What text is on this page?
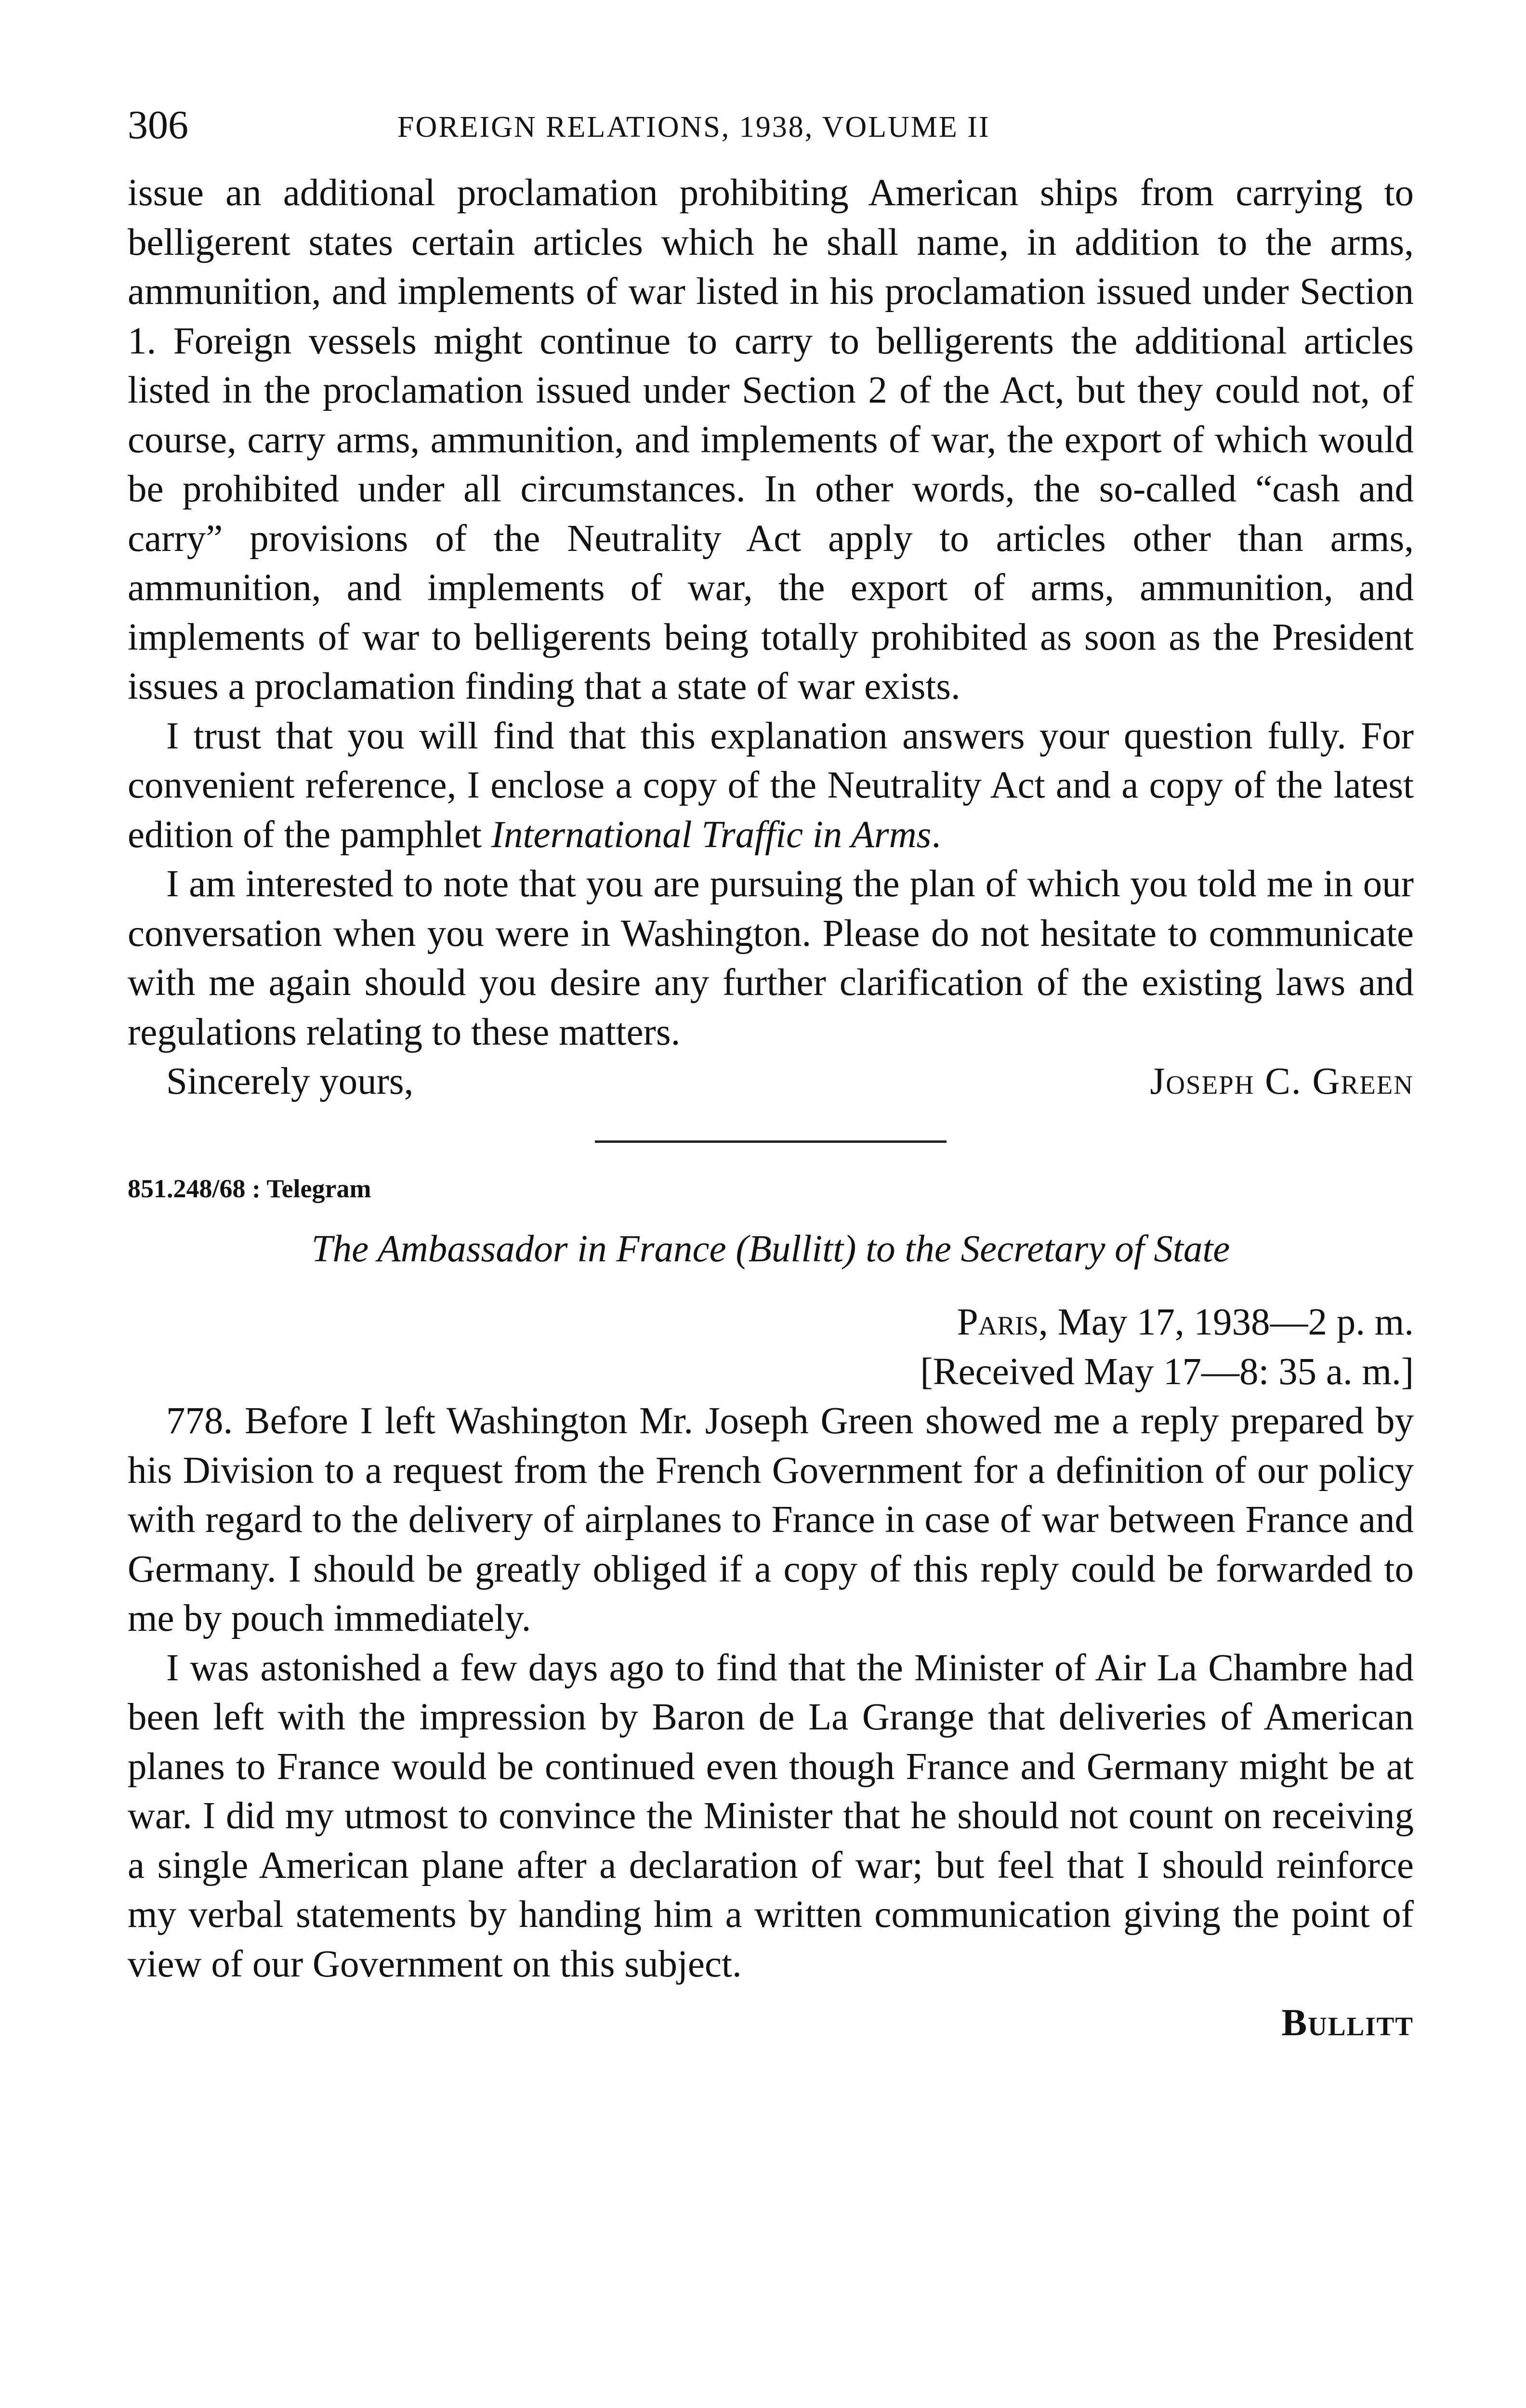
306	FOREIGN RELATIONS, 1938, VOLUME II

issue an additional proclamation prohibiting American ships from carrying to belligerent states certain articles which he shall name, in addition to the arms, ammunition, and implements of war listed in his proclamation issued under Section 1. Foreign vessels might continue to carry to belligerents the additional articles listed in the proclamation issued under Section 2 of the Act, but they could not, of course, carry arms, ammunition, and implements of war, the export of which would be prohibited under all circumstances. In other words, the so-called “cash and carry” provisions of the Neutrality Act apply to articles other than arms, ammunition, and implements of war, the export of arms, ammunition, and implements of war to belligerents being totally prohibited as soon as the President issues a proclamation finding that a state of war exists.

I trust that you will find that this explanation answers your question fully. For convenient reference, I enclose a copy of the Neutrality Act and a copy of the latest edition of the pamphlet International Traffic in Arms.

I am interested to note that you are pursuing the plan of which you told me in our conversation when you were in Washington. Please do not hesitate to communicate with me again should you desire any further clarification of the existing laws and regulations relating to these matters.

Sincerely yours,	Joseph C. Green
851.248/68 : Telegram
The Ambassador in France (Bullitt) to the Secretary of State
Paris, May 17, 1938—2 p. m.
[Received May 17—8: 35 a. m.]

778. Before I left Washington Mr. Joseph Green showed me a reply prepared by his Division to a request from the French Government for a definition of our policy with regard to the delivery of airplanes to France in case of war between France and Germany. I should be greatly obliged if a copy of this reply could be forwarded to me by pouch immediately.

I was astonished a few days ago to find that the Minister of Air La Chambre had been left with the impression by Baron de La Grange that deliveries of American planes to France would be continued even though France and Germany might be at war. I did my utmost to convince the Minister that he should not count on receiving a single American plane after a declaration of war; but feel that I should reinforce my verbal statements by handing him a written communication giving the point of view of our Government on this subject.

Bullitt
